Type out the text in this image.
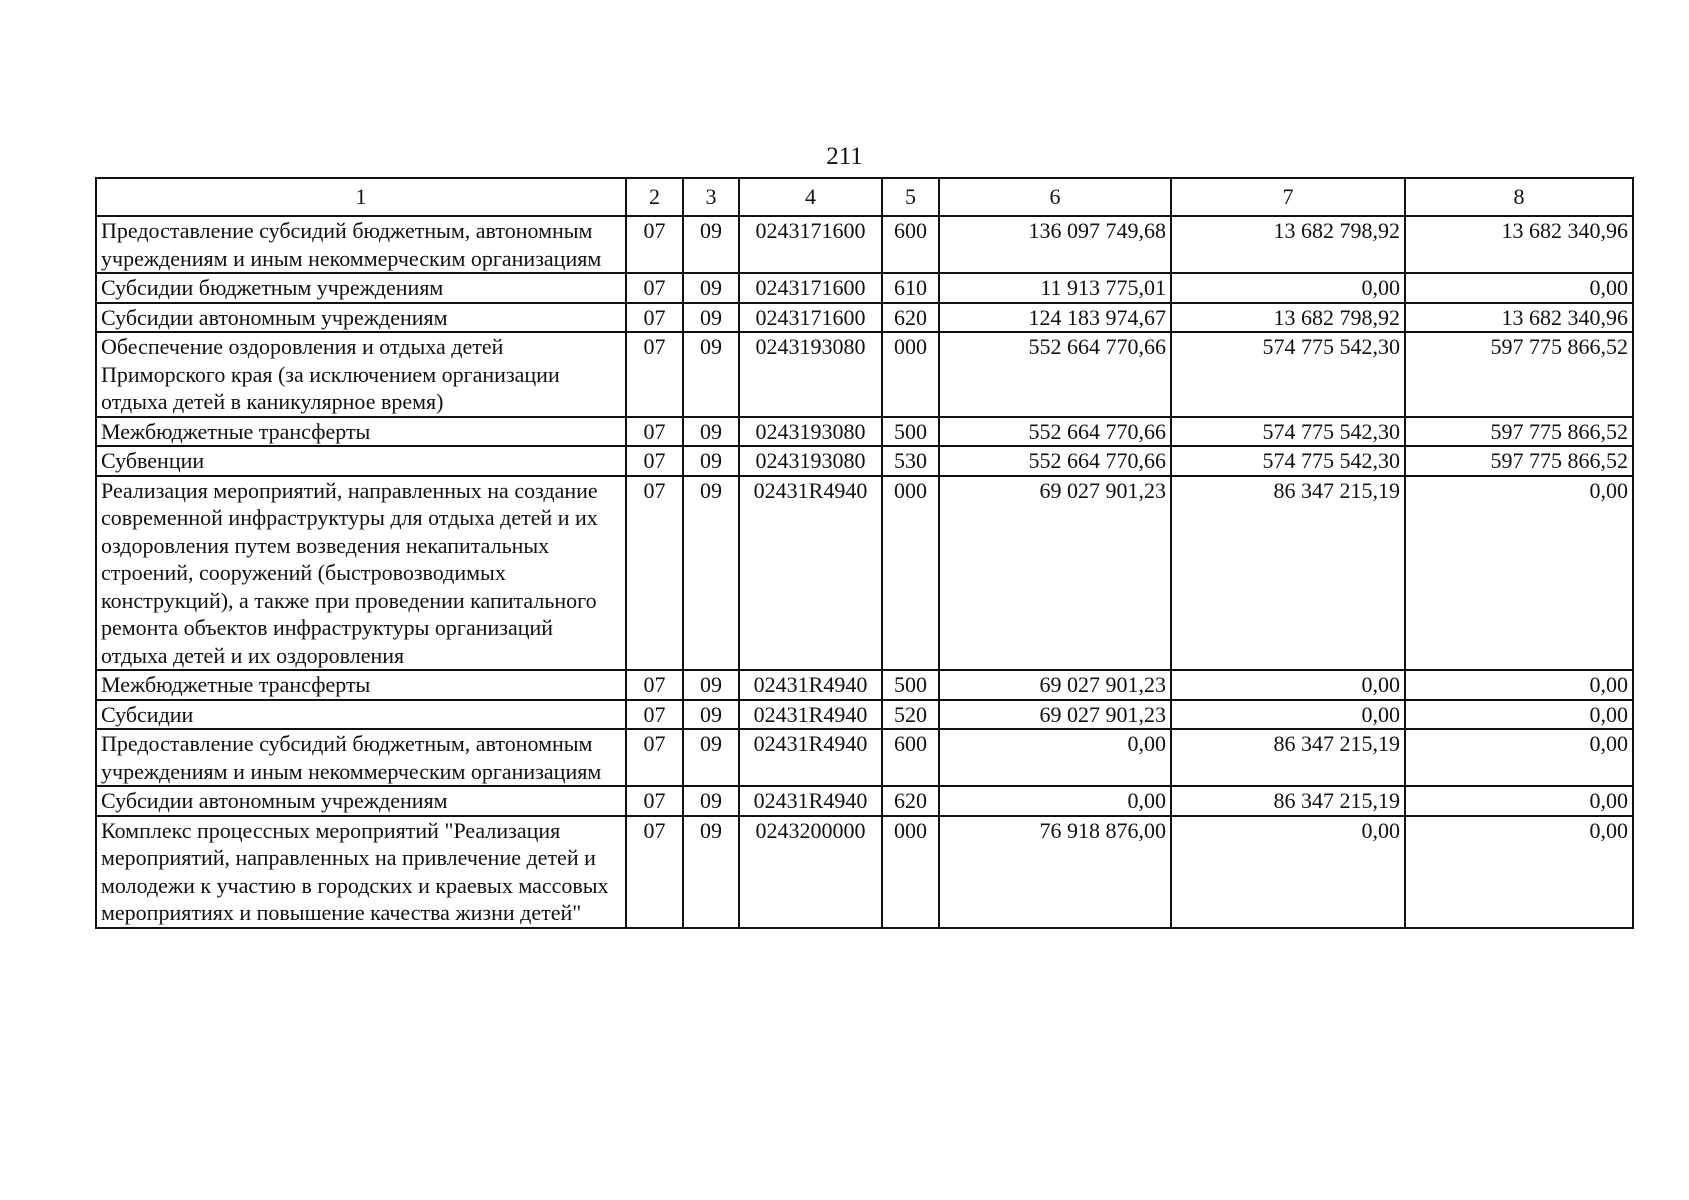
211
1	2	3	4	5	6	7	8
Предоставление субсидий бюджетным, автономным учреждениям и иным некоммерческим организациям	07	09	0243171600	600	136 097 749,68	13 682 798,92	13 682 340,96
Субсидии бюджетным учреждениям	07	09	0243171600	610	11 913 775,01	0,00	0,00
Субсидии автономным учреждениям	07	09	0243171600	620	124 183 974,67	13 682 798,92	13 682 340,96
Обеспечение оздоровления и отдыха детей Приморского края (за исключением организации отдыха детей в каникулярное время)	07	09	0243193080	000	552 664 770,66	574 775 542,30	597 775 866,52
Межбюджетные трансферты	07	09	0243193080	500	552 664 770,66	574 775 542,30	597 775 866,52
Субвенции	07	09	0243193080	530	552 664 770,66	574 775 542,30	597 775 866,52
Реализация мероприятий, направленных на создание современной инфраструктуры для отдыха детей и их оздоровления путем возведения некапитальных строений, сооружений (быстровозводимых конструкций), а также при проведении капитального ремонта объектов инфраструктуры организаций отдыха детей и их оздоровления	07	09	02431R4940	000	69 027 901,23	86 347 215,19	0,00
Межбюджетные трансферты	07	09	02431R4940	500	69 027 901,23	0,00	0,00
Субсидии	07	09	02431R4940	520	69 027 901,23	0,00	0,00
Предоставление субсидий бюджетным, автономным учреждениям и иным некоммерческим организациям	07	09	02431R4940	600	0,00	86 347 215,19	0,00
Субсидии автономным учреждениям	07	09	02431R4940	620	0,00	86 347 215,19	0,00
Комплекс процессных мероприятий "Реализация мероприятий, направленных на привлечение детей и молодежи к участию в городских и краевых массовых мероприятиях и повышение качества жизни детей"	07	09	0243200000	000	76 918 876,00	0,00	0,00
